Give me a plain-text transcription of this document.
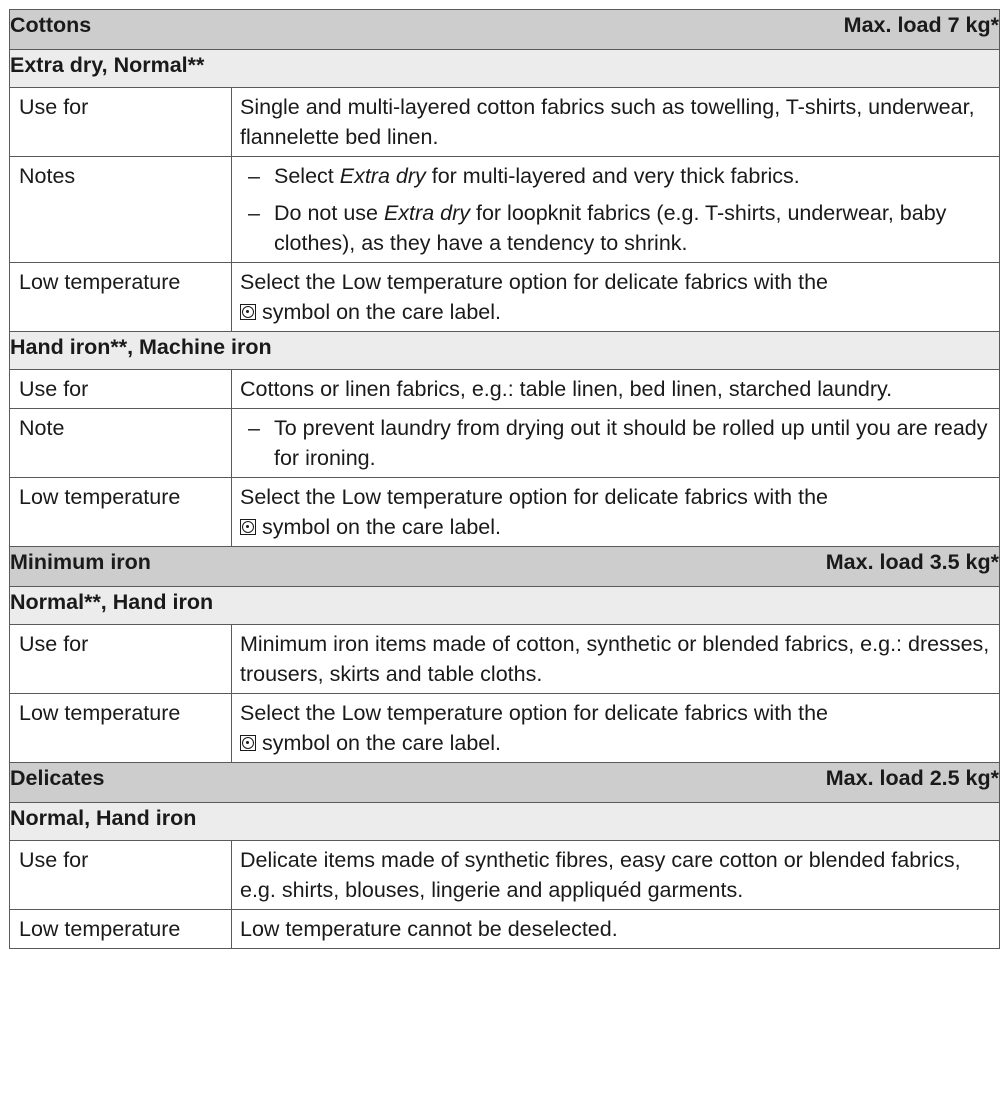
Cottons Max. load 7 kg*	

Extra dry, Normal**	
Use for	Single and multi-layered cotton fabrics such as towelling, T-shirts, underwear, flannelette bed linen.
Notes	– Select Extra dry for multi-layered and very thick fabrics.
– Do not use Extra dry for loopknit fabrics (e.g. T-shirts, underwear, baby clothes), as they have a tendency to shrink.

Low temperature	Select the Low temperature option for delicate fabrics with the
symbol on the care label.
Hand iron**, Machine iron	
Use for	Cottons or linen fabrics, e.g.: table linen, bed linen, starched laundry.
Note	– To prevent laundry from drying out it should be rolled up until you are ready for ironing.

Low temperature	Select the Low temperature option for delicate fabrics with the
symbol on the care label.

Minimum iron Max. load 3.5 kg*	

Normal**, Hand iron	
Use for	Minimum iron items made of cotton, synthetic or blended fabrics, e.g.: dresses, trousers, skirts and table cloths.
Low temperature	Select the Low temperature option for delicate fabrics with the
symbol on the care label.

Delicates Max. load 2.5 kg*	

Normal, Hand iron	
Use for	Delicate items made of synthetic fibres, easy care cotton or blended fabrics, e.g. shirts, blouses, lingerie and appliquéd garments.
Low temperature	Low temperature cannot be deselected.
